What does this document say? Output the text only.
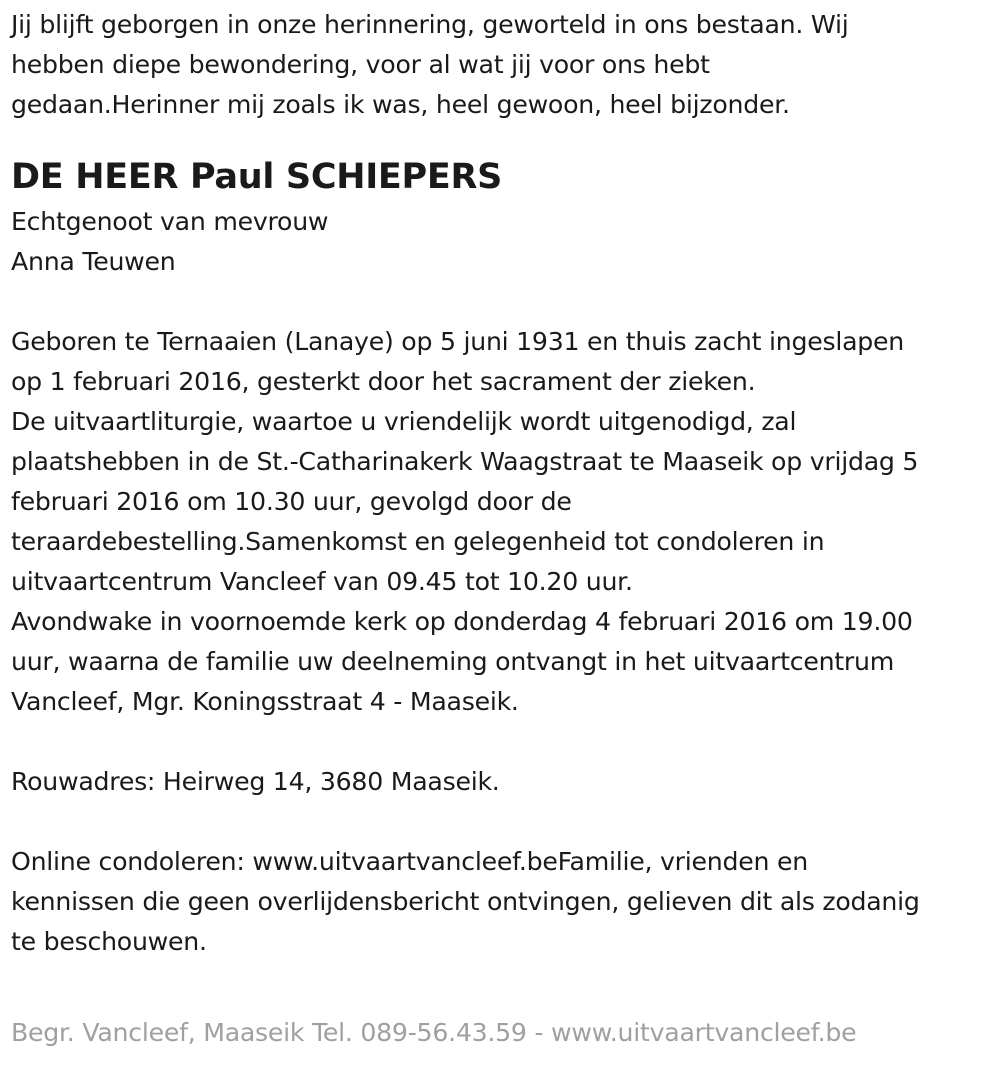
Jij blijft geborgen in onze herinnering, geworteld in ons bestaan. Wij

hebben diepe bewondering, voor al wat jij voor ons hebt

gedaan.Herinner mij zoals ik was, heel gewoon, heel bijzonder.

DE HEER Paul SCHIEPERS

Echtgenoot van mevrouw

Anna Teuwen

Geboren te Ternaaien (Lanaye) op 5 juni 1931 en thuis zacht ingeslapen

op 1 februari 2016, gesterkt door het sacrament der zieken.

De uitvaartliturgie, waartoe u vriendelijk wordt uitgenodigd, zal

plaatshebben in de St.-Catharinakerk Waagstraat te Maaseik op vrijdag 5

februari 2016 om 10.30 uur, gevolgd door de

teraardebestelling.Samenkomst en gelegenheid tot condoleren in

uitvaartcentrum Vancleef van 09.45 tot 10.20 uur.

Avondwake in voornoemde kerk op donderdag 4 februari 2016 om 19.00

uur, waarna de familie uw deelneming ontvangt in het uitvaartcentrum

Vancleef, Mgr. Koningsstraat 4 - Maaseik.

Rouwadres: Heirweg 14, 3680 Maaseik.

Online condoleren: www.uitvaartvancleef.beFamilie, vrienden en

kennissen die geen overlijdensbericht ontvingen, gelieven dit als zodanig

te beschouwen.

Begr. Vancleef, Maaseik Tel. 089-56.43.59 - www.uitvaartvancleef.be
